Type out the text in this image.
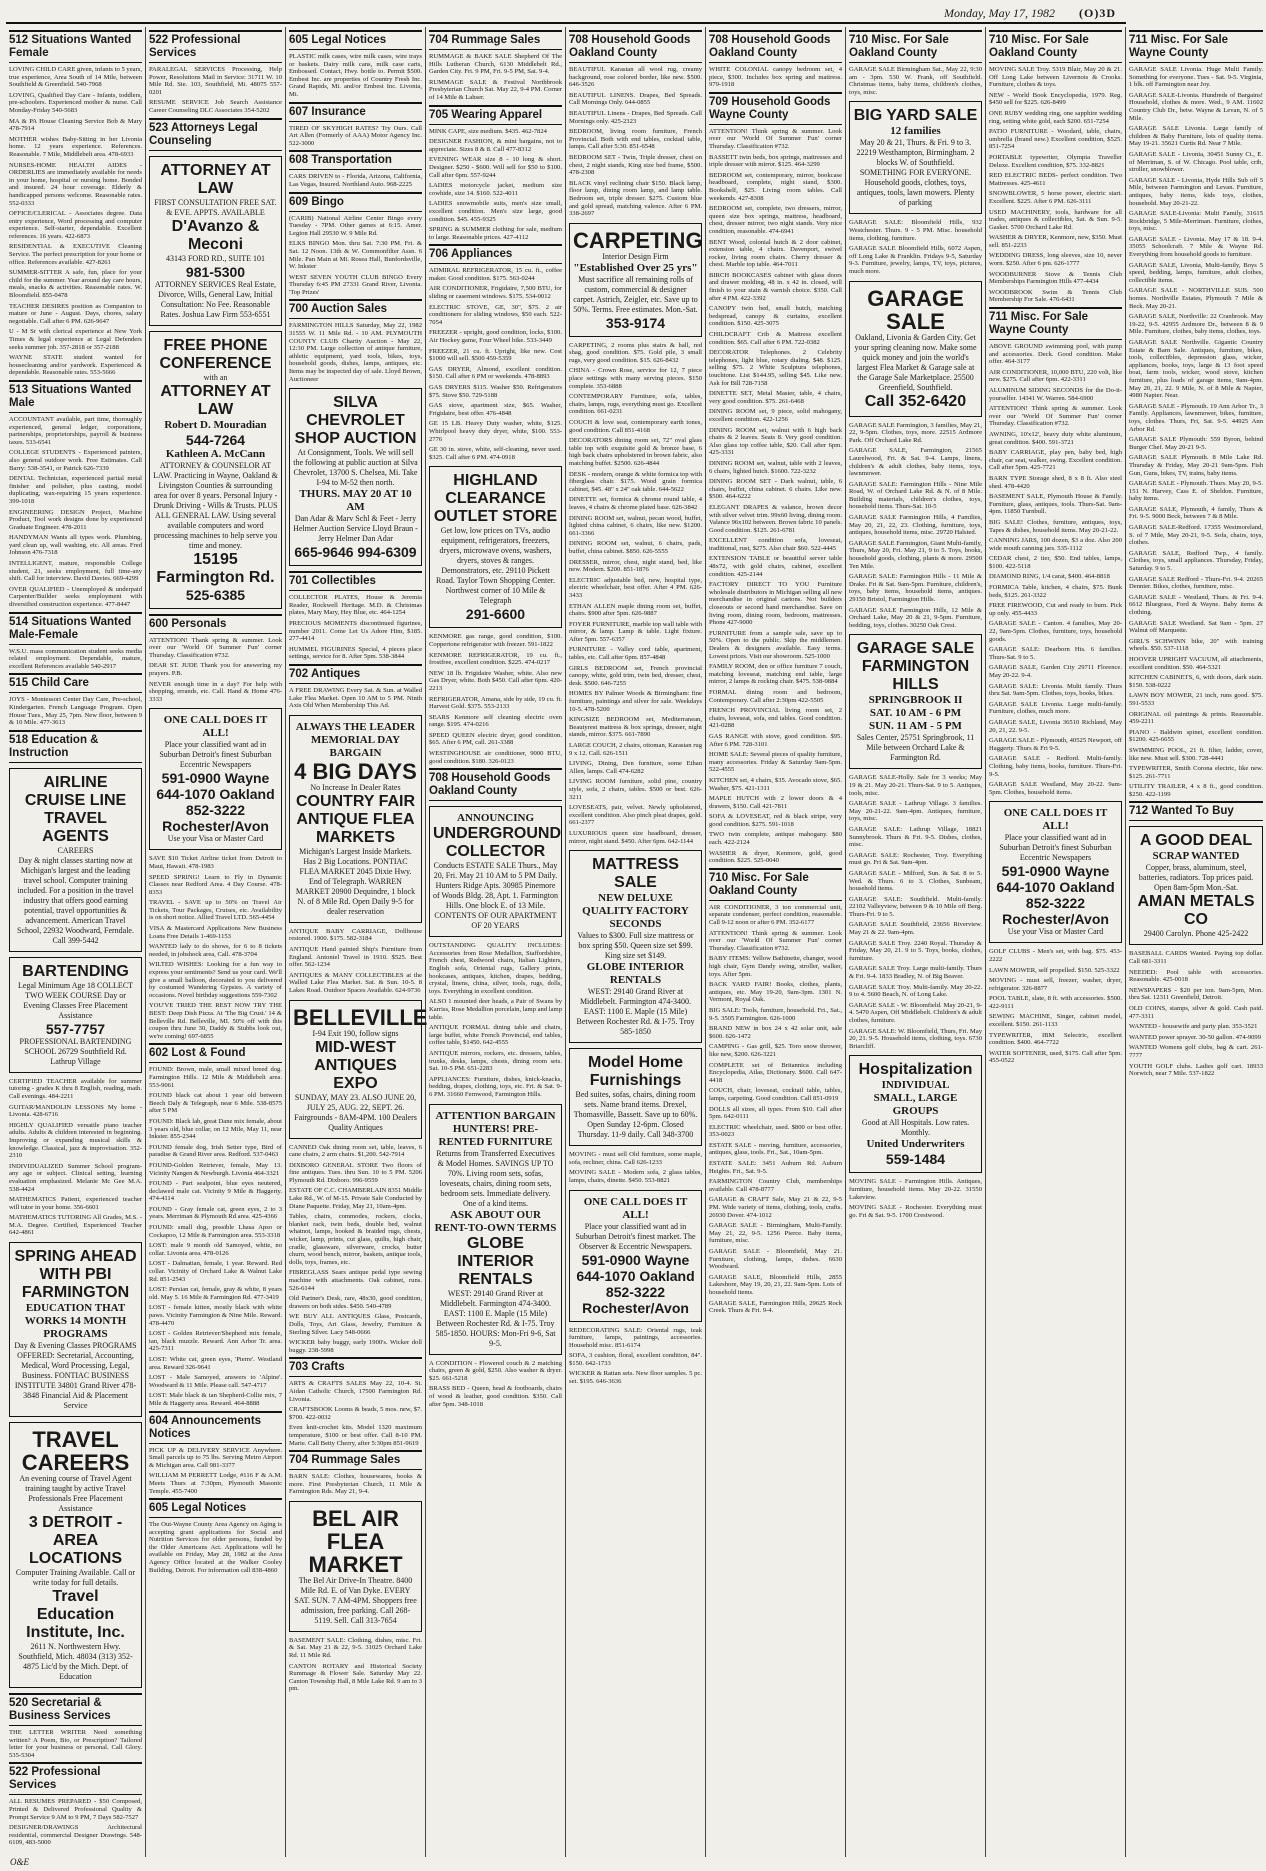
Monday, May 17, 1982 (O)3D
512 Situations Wanted Female

LOVING CHILD CARE given, infants to 5 years, true experience, Area South of 14 Mile, between Southfield & Greenfield. 540-7968

LOVING, Qualified Day Care - Infants, toddlers, pre-schoolers. Experienced mother & nurse. Call Monday-Friday 540-5683

MA & PA House Cleaning Service Bob & Mary 478-7914

MOTHER wishes Baby-Sitting in her Livonia home. 12 years experience. References. Reasonable. 7 Mile, Middlebelt area. 478-6933

NURSES-HOME HEALTH AIDES - ORDERLIES are immediately available for needs in your home, hospital or nursing home. Bonded and insured. 24 hour coverage. Elderly & handicapped persons welcome. Reasonable rates. 552-0333

OFFICE/CLERICAL - Associates degree. Data entry experience, Word processing and computer experience. Self-starter, dependable. Excellent references. 16 years. 422-6873

RESIDENTIAL & EXECUTIVE Cleaning Service. The perfect prescription for your home or office. References available. 427-8261

SUMMER-SITTER A safe, fun, place for your child for the summer. Year around day care hours, meals, snacks & activities. Reasonable rates. W. Bloomfield. 855-0478

TEACHER DESIRES position as Companion to mature or June - August. Days, chores, salary negotiable. Call after 6 PM. 626-9647

U - M Sr with clerical experience at New York Times & legal experience at Legal Defenders seeks summer job. 357-2818 or 357-2188

WAYNE STATE student wanted for housecleaning and/or yardwork. Experienced & dependable. Reasonable rates. 553-5666

513 Situations Wanted Male

ACCOUNTANT available, part time, thoroughly experienced, general ledger, corporations, partnerships, proprietorships, payroll & business taxes. 533-6541

COLLEGE STUDENTS - Experienced painters, also general outdoor work. Free Estimates. Call Barry: 538-3541, or Patrick 626-7339

DENTAL Technician, experienced partial metal finisher and polisher, plus casting, model duplicating, wax-repairing 15 years experience. 399-1018

ENGINEERING DESIGN Project, Machine Product, Tool work designs done by experienced Graduate Engineer. 478-2011

HANDYMAN Wants all types work. Plumbing, yard clean up, wall washing, etc. All areas. Fred Johnson 476-7318

INTELLIGENT, mature, responsible College student, 21, seeks employment, full time-any shift. Call for interview. David Davies. 669-4299

OVER QUALIFIED - Unemployed & underpaid Carpenter/Builder seeks employment with diversified construction experience. 477-8447

514 Situations Wanted Male-Female

W.S.U. mass communication student seeks media related employment. Dependable, mature, excellent References available 540-2917

515 Child Care

JOYS - Montessori Center Day Care, Pre-school, Kindergarten. French Language Program. Open House Tues., May 25, 7pm. New floor, between 9 & 10 Mile. 477-3613

518 Education & Instruction
AIRLINE CRUISE LINE TRAVEL AGENTS
CAREERS
Day & night classes starting now at Michigan's largest and the leading travel school. Computer training included. For a position in the travel industry that offers good earning potential, travel opportunities & advancement. American Travel School, 22932 Woodward, Ferndale. Call 399-5442
BARTENDING
Legal Minimum Age 18 COLLECT TWO WEEK COURSE Day or Evening Classes Free Placement Assistance
557-7757
PROFESSIONAL BARTENDING SCHOOL 26729 Southfield Rd. Lathrup Village

CERTIFIED TEACHER available for summer tutoring - grades K thru 8 English, reading, math. Call evenings. 484-2211

GUITAR/MANDOLIN LESSONS My home - Livonia. 428-6716

HIGHLY QUALIFIED versatile piano teacher adults. Adults & children interested in beginning. Improving or expanding musical skills & knowledge. Classical, jazz & improvisation. 352-2310

INDIVIDUALIZED Summer School program-any age or subject. Clinical setting, learning evaluation emphasized. Melanie Mc Gee M.A. 538-4424

MATHEMATICS Patient, experienced teacher will tutor in your home. 356-6601

MATHEMATICS TUTORING All Grades, M.S. - M.A. Degree. Certified, Experienced Teacher 642-4861

SPRING AHEAD WITH PBI FARMINGTON
EDUCATION THAT WORKS 14 MONTH PROGRAMS
Day & Evening Classes PROGRAMS OFFERED: Secretarial, Accounting, Medical, Word Processing, Legal, Business. FONTIAC BUSINESS INSTITUTE 34801 Grand River 478-3848 Financial Aid & Placement Service
TRAVEL CAREERS
An evening course of Travel Agent training taught by active Travel Professionals Free Placement Assistance
3 DETROIT - AREA LOCATIONS
Computer Training Available. Call or write today for full details.
Travel Education Institute, Inc.
2611 N. Northwestern Hwy. Southfield, Mich. 48034 (313) 352-4875 Lic'd by the Mich. Dept. of Education
520 Secretarial & Business Services

THE LETTER WRITER Need something written? A Poem, Bio, or Prescription? Tailored letter for your business or personal. Call Glory. 535-5304

522 Professional Services

ALL RESUMES PREPARED - $50 Composed, Printed & Delivered Professional Quality & Prompt Service 9 AM to 9 PM, 7 Days 582-7527

DESIGNER/DRAWINGS Architectural residential, commercial Designer Drawings. 548-6109, 483-5000

522 Professional Services

PARALEGAL SERVICES Processing, Help Power, Resolutions Mail in Service: 31711 W. 10 Mile Rd. Ste. 103, Southfield, Mi. 48075 557-0201

RESUME SERVICE Job Search Assistance Career Counseling DLC Associates 354-5202

523 Attorneys Legal Counseling
ATTORNEY AT LAW
FIRST CONSULTATION FREE SAT. & EVE. APPTS. AVAILABLE
D'Avanzo & Meconi
43143 FORD RD., SUITE 101
981-5300
ATTORNEY SERVICES Real Estate, Divorce, Wills, General Law, Initial Consultation: No Fee. Reasonable Rates. Joshua Law Firm 553-6551
FREE PHONE CONFERENCE
with an
ATTORNEY AT LAW
Robert D. Mouradian
544-7264
Kathleen A. McCann
ATTORNEY & COUNSELOR AT LAW. Practicing in Wayne, Oakland & Livingston Counties & surrounding area for over 8 years. Personal Injury - Drunk Driving - Wills & Trusts. PLUS ALL GENERAL LAW. Using several available computers and word processing machines to help serve you time and money.
15195 Farmington Rd.
525-6385
600 Personals

ATTENTION! Thank spring & summer. Look over our 'World Of Summer Fun' corner Thursday. Classification #732.

DEAR ST. JUDE Thank you for answering my prayers. P.B.

NEVER enough time in a day? For help with shopping, errands, etc. Call. Hand & Home 476-3333

ONE CALL DOES IT ALL!
Place your classified want ad in Suburban Detroit's finest Suburban Eccentric Newspapers
591-0900 Wayne
644-1070 Oakland
852-3222 Rochester/Avon
Use your Visa or Master Card

SAVE $10 Ticket Airline ticket from Detroit to Maui, Hawaii. 478-1983

SPEED SPRING! Learn to Fly in Dynamic Classes near Redford Area. 4 Day Course. 478-8353

TRAVEL - SAVE up to 50% on Travel Air Tickets, Tour Packages, Cruises, etc. Availability is on short notice. Allied Travel LTD. 565-4454

VISA & Mastercard Applications New Business Loans Free Details 1-469-1153

WANTED lady to do shows, for 6 to 8 tickets needed, in jobshock area, Call. 478-3704

WILTED WISHES: Looking for a fun way to express your sentiments? Send us your card. We'll give a small balloon, decorated to you delivered by costumed Wandering Gypsies. A variety of occasions. Novel birthday suggestions 559-7302

YOU'VE TRIED THE REST NOW TRY THE BEST: Deep Dish Pizza. At 'The Big Crust.' 14 & Belleville Rd. Belleville, MI. 50% off with this coupon thru June 30, Daddy & Stubbs look out, we're coming! 697-6855

602 Lost & Found

FOUND: Brown, male, small mixed breed dog. Farmington Hills. 12 Mile & Middlebelt area. 553-9061

FOUND black cat about 1 year old between Beech Daly & Telegraph, near 6 Mile. 538-8575 after 5 PM

FOUND: Black lab, great Dane mix female, about 3 years old, blue collar, on 12 Mile, May 11, near Inkster. 855-2344

FOUND female dog, Irish Setter type, Bird of paradise & Grand River area. Redford. 537-0463

FOUND-Golden Retriever, female, May 13. Vicinity Nangen & Newburgh. Livonia 464-3321

FOUND - Part sealpoint, blue eyes neutered, declawed male cat. Vicinity 9 Mile & Haggerty. 474-4114

FOUND - Gray female cat, green eyes, 2 to 3 years. Merriman & Plymouth Rd area. 425-4366

FOUND: small dog, possible Lhasa Apso or Cockapoo, 12 Mile & Farmington area. 553-3318

LOST: male 9 month old Samoyed, white, no collar. Livonia area. 478-0126

LOST - Dalmatian, female, 1 year. Reward. Red collar. Vicinity of Orchard Lake & Walnut Lake Rd. 851-2543

LOST: Persian cat, female, gray & white, 8 years old. May 5. 16 Mile & Farmington Rd. 477-3419

LOST - female kitten, mostly black with white paws. Vicinity Farmington & Nine Mile. Reward. 478-4470

LOST - Golden Retriever/Shepherd mix female, tan, black muzzle. Reward. Ann Arbor Tr. area. 425-7311

LOST: White cat, green eyes, 'Pierre'. Westland area. Reward 326-9641

LOST - Male Samoyed, answers to 'Alpine'. Woodward & 11 Mile. Please call. 547-4717

LOST: Male black & tan Shepherd-Collie mix, 7 Mile & Haggerty area. Reward. 464-8888

604 Announcements Notices

PICK UP & DELIVERY SERVICE Anywhere. Small parcels up to 75 lbs. Serving Metro Airport & Michigan area. Call 981-3377

WILLIAM M PERRETT Lodge, #116 F & A.M. Meets Thurs at 7:30pm, Plymouth Masonic Temple. 455-7400

605 Legal Notices

The Out-Wayne County Area Agency on Aging is accepting grant applications for Social and Nutrition Services for older persons, funded by the Older Americans Act. Applications will be available on Friday, May 28, 1982 at the Area Agency Office located at the Walker Cooley Building, Detroit. For information call 838-4860

605 Legal Notices

PLASTIC milk cases, wire milk cases, wire trays or baskets. Dairy milk cans, milk case carts, Embossed. Contact, Hwy. bottle to. Permit $500. Embest Inc. are properties of Country Fresh Inc. Grand Rapids, Mi. and/or Embest Inc. Livonia, Mi.

607 Insurance

TIRED OF SKYHIGH RATES? Try Ours. Call Art Allen (Formerly of AAA) Motor Agency Inc. 522-3000

608 Transportation

CARS DRIVEN to - Florida, Arizona, California, Las Vegas, Insured. Northland Auto. 968-2225

609 Bingo

(CARIB) National Airline Center Bingo every Tuesday - 7PM. Other games at 6:15. Amer. Legion Hall 29530 W. 9 Mile Rd.

ELKS BINGO Mon. thru Sat. 7:30 PM. Fri. & Sat. 12 Noon. 13th & W. Commonfilter Assn. 6 Mile. Pan Main at Mi. Rosea Hall, Bunfordsville, W. Inkster

WEST SEVEN YOUTH CLUB BINGO Every Thursday 6:45 PM 27331 Grand River, Livonia. 'Top Prizes'

700 Auction Sales

FARMINGTON HILLS Saturday, May 22, 1982 31555 W. 11 Mile Rd. - 10 AM. PLYMOUTH COUNTY CLUB Charity Auction - May 22, 12:30 PM. Large collection of antique furniture, athletic equipment, yard tools, bikes, toys, household goods, dishes, lamps, antiques, etc. Items may be inspected day of sale. Lloyd Brown, Auctioneer

SILVA CHEVROLET SHOP AUCTION
At Consignment, Tools. We will sell the following at public auction at Silva Chevrolet, 13700 S. Chelsea, Mi. Take I-94 to M-52 then north.
THURS. MAY 20 AT 10 AM
Dan Adar & Marv Schl & Feet - Jerry Helmer Auction Service Lloyd Braun - Jerry Helmer Dan Adar
665-9646 994-6309
701 Collectibles

COLLECTOR PLATES, House & Jeremia Reader, Rockwell Heritage. M.D. & Christmas plates, Mary Mary, Hey Blue, etc. 464-1254

PRECIOUS MOMENTS discontinued figurines, number 2011. Come Let Us Adore Him, $185. 277-4414

HUMMEL FIGURINES Special, 4 pieces place settings, service for 8. After 5pm. 538-3844

702 Antiques

A FREE DRAWING Every Sat. & Sun. at Walled Lake Flea Market. Open 10 AM to 5 PM. Ninth Axis Old When Membership This Ad.

ALWAYS THE LEADER MEMORIAL DAY BARGAIN
4 BIG DAYS
No Increase In Dealer Rates
COUNTRY FAIR ANTIQUE FLEA MARKETS
Michigan's Largest Inside Markets. Has 2 Big Locations. PONTIAC FLEA MARKET 2045 Dixie Hwy. End of Telegraph. WARREN MARKET 20900 Dequindre, 1 block N. of 8 Mile Rd. Open Daily 9-5 for dealer reservation

ANTIQUE BABY CARRIAGE, Dollhouse restored. 1900. $175. 582-3184

ANTIQUE Hand painted Ship's Furniture from England. Antoniel Travel in 1910. $525. Best offer. 562-1234

ANTIQUES & MANY COLLECTIBLES at the Walled Lake Flea Market. Sat. & Sun. 10-5. 8 Lakes Road. Outdoor Spaces Available. 624-9736

BELLEVILLE
I-94 Exit 190, follow signs
MID-WEST ANTIQUES EXPO
SUNDAY, MAY 23. ALSO JUNE 20, JULY 25, AUG. 22, SEPT. 26. Fairgrounds - 8AM-4PM. 100 Dealers Quality Antiques

CANNED Oak dining room set, table, leaves, 6 cane chairs, 2 arm chairs. $1,200. 542-7914

DIXBORO GENERAL STORE Two floors of fine antiques. Tues. thru Sun. 10 to 5 PM. 5206 Plymouth Rd. Dixboro. 996-9559

ESTATE OF C.C. CHAMBERLAIN 8351 Middle Lake Rd., W. of M-15. Private Sale Conducted by Diane Paquette. Friday, May 21, 10am-4pm.

Tables, chairs, commodes, rockers, clocks, blanket rack, twin beds, double bed, walnut whatnot, lamps, hooked & braided rugs, chests, wicker, lamp, prints, cut glass, quilts, high chair, cradle, glassware, silverware, crocks, butter churn, wood bench, mirror, baskets, antique tools, dolls, toys, frames, etc.

FIBREGLASS Sears antique pedal type sewing machine with attachments. Oak cabinet, runs. 526-6144

Old Partner's Desk, rare, 48x30, good condition, drawers on both sides. $450. 540-4789

WE BUY ALL ANTIQUES Glass, Postcards, Dolls, Toys, Art Glass, Jewelry, Furniture & Sterling Silver. Lacy 548-0666

WICKER baby buggy, early 1900's. Wicker doll buggy. 238-5998

703 Crafts

ARTS & CRAFTS SALES May 22, 10-4. St. Aidan Catholic Church, 17500 Farmington Rd. Livonia.

CRAFTSBOOK Looms & beads, 5 mos. new, $7. $700. 422-0032

Even knit-crochet kits. Model 1320 maximum temperature, $100 or best offer. Call 8-10 PM. Marie. Call Betty Cherry, after 5:30pm 851-9619

704 Rummage Sales

BARN SALE: Clothes, housewares, books & more. First Presbyterian Church, 11 Mile & Farmington Rds. May 21, 9-4.

BEL AIR FLEA MARKET
The Bel Air Drive-In Theatre. 8400 Mile Rd. E. of Van Dyke. EVERY SAT. SUN. 7 AM-4PM. Shoppers free admission, free parking. Call 268-5119. Sell. Call 313-7654

BASEMENT SALE: Clothing, dishes, misc. Fri. & Sat. May 21 & 22, 9-5. 31025 Orchard Lake Rd. 11 Mile Rd.

CANTON ROTARY and Historical Society Rummage & Flower Sale. Saturday May 22. Canton Township Hall, 8 Mile Lake Rd. 9 am to 3 pm.

704 Rummage Sales

RUMMAGE & BAKE SALE Shepherd Of The Hills Lutheran Church, 6130 Middlebelt Rd., Garden City. Fri. 9 PM, Fri. 9-5 PM, Sat. 9-4.

RUMMAGE SALE & Festival Northbrook Presbyterian Church Sat. May 22, 9-4 PM. Corner of 14 Mile & Lahser.

705 Wearing Apparel

MINK CAPE, size medium. $435. 462-7824

DESIGNER FASHION, & mint bargains, not to appreciate. Sizes 8 & 8. Call 477-8312

EVENING WEAR size 8 - 10 long & short. Designer. $250 - $600. Will sell for $50 to $100. Call after 6pm. 557-9244

LADIES motorcycle jacket, medium size cowhide, size 14. $160. 522-4011

LADIES snowmobile suits, men's size small, excellent condition. Men's size large, good condition. $45. 455-9325

SPRING & SUMMER clothing for sale, medium to large. Reasonable prices. 427-4112

706 Appliances

ADMIRAL REFRIGERATOR, 15 cu. ft., coffee maker. Good condition. $175. 563-0244

AIR CONDITIONER, Frigidaire, 7,500 BTU, for sliding or casement windows. $175. 534-0012

ELECTRIC STOVE, GE, 30", $75. 2 air conditioners for sliding windows, $50 each. 522-7054

FREEZER - upright, good condition, locks, $100. Air Hockey game, Four Wheel bike. 533-3449

FREEZER, 21 cu. ft. Upright, like new. Cost $1000 will sell. $500 459-5359

GAS DRYER, Almond, excellent condition. $150. Call after 6 PM or weekends. 478-8893

GAS DRYERS $115. Washer $50. Refrigerators $75. Stove $50. 729-5188

GAS stove, apartment size, $65. Washer, Frigidaire, best offer. 476-4848

GE 15 LB. Heavy Duty washer, white, $125. Whirlpool heavy duty dryer, white, $100. 553-2776

GE 30 in. stove, white, self-cleaning, never used. $325. Call after 6 PM. 474-0918

HIGHLAND CLEARANCE OUTLET STORE
Get low, low prices on TVs, audio equipment, refrigerators, freezers, dryers, microwave ovens, washers, dryers, stoves & ranges. Demonstrators, etc. 29110 Pickett Road. Taylor Town Shopping Center. Northwest corner of 10 Mile & Telegraph
291-6600

KENMORE gas range, good condition, $100. Coppertone refrigerator with freezer. 591-1822

KENMORE REFRIGERATOR, 19 cu. ft., frostfree, excellent condition. $225. 474-0217

NEW 18 lb. Frigidaire Washer, white. Also new Gas Dryer, white. Both $450. Call after 6pm. 420-2213

REFRIGERATOR, Amana, side by side, 19 cu. ft. Harvest Gold. $375. 553-2133

SEARS Kenmore self cleaning electric oven range. $195. 474-0216

SPEED QUEEN electric dryer, good condition. $65. After 6 PM, call. 261-3388

WESTINGHOUSE air conditioner, 9000 BTU, good condition. $180. 326-0123

708 Household Goods Oakland County
ANNOUNCING
UNDERGROUND COLLECTOR
Conducts ESTATE SALE Thurs., May 20, Fri. May 21 10 AM to 5 PM Daily. Hunters Ridge Apts. 30985 Pinemore of Woods Bldg. 28, Apt. 1. Farmington Hills. One block E. of 13 Mile. CONTENTS OF OUR APARTMENT OF 20 YEARS

OUTSTANDING QUALITY INCLUDES: Accessories from Rose Medallion, Staffordshire, French chest, Redwood chairs, Italian Lighters, English sofa, Oriental rugs, Gallery prints, bookcases, antiques, kitchen, drapes, bedding, crystal, linens, china, silver, tools, rugs, dolls, toys. Everything in excellent condition.

ALSO 1 mounted deer heads, a Pair of Swans by Karriss, Rose Medallion porcelain, lamp and lamp table.

ANTIQUE FORMAL dining table and chairs, large buffet, white French Provincial, end tables, coffee table, $1450. 642-4555

ANTIQUE mirrors, rockers, etc. dressers, tables, trunks, desks, lamps, chests, dining room sets. Sat. 10-5 PM. 651-2283

APPLIANCES: Furniture, dishes, knick-knacks, bedding, drapes, clothing, toys, etc. Fri. & Sat. 9-6 PM. 31660 Fernwood, Farmington Hills.

ATTENTION BARGAIN HUNTERS! PRE-RENTED FURNITURE
Returns from Transferred Executives & Model Homes. SAVINGS UP TO 70%. Living room sets, sofas, loveseats, chairs, dining room sets, bedroom sets. Immediate delivery. One of a kind items.
ASK ABOUT OUR RENT-TO-OWN TERMS
GLOBE INTERIOR RENTALS
WEST: 29140 Grand River at Middlebelt. Farmington 474-3400. EAST: 1100 E. Maple (15 Mile) Between Rochester Rd. & I-75. Troy 585-1850. HOURS: Mon-Fri 9-6, Sat 9-5.

A CONDITION - Flowered couch & 2 matching chairs, green & gold, $250. Also washer & dryer. $25. 661-5218

BRASS BED - Queen, head & footboards, chairs of wood & leather, good condition. $350. Call after 5pm. 348-1018

708 Household Goods Oakland County

BEAUTIFUL Karastan all wool rug, creamy background, rose colored border, like new. $500. 646-3526

BEAUTIFUL LINENS. Drapes, Bed Spreads. Call Mornings Only. 644-0855

BEAUTIFUL Linens - Drapes, Bed Spreads. Call Mornings only. 425-2323

BEDROOM, living room furniture, French Provincial. Both with end tables, cocktail table, lamps. Call after 5:30. 851-6548

BEDROOM SET - Twin, Triple dresser, chest on chest, 2 night stands, King size bed frame, $500. 478-2308

BLACK vinyl reclining chair $150. Black lamp, floor lamp, dining room lamp, and lamp table. Bedroom set, triple dresser. $275. Custom blue and gold spread, matching valence. After 6 PM. 338-2697

CARPETING
Interior Design Firm
"Established Over 25 yrs"
Must sacrifice all remaining rolls of custom, commercial & designer carpet. Astrich, Zeigler, etc. Save up to 50%. Terms. Free estimates. Mon.-Sat.
353-9174

CARPETING, 2 rooms plus stairs & hall, red shag, good condition. $75. Gold pile, 3 small rugs, very good condition. $15. 626-8432

CHINA - Crown Rose, service for 12, 7 piece place settings with many serving pieces. $150 complete. 353-6888

CONTEMPORARY Furniture, sofa, tables, chairs, lamps, rugs, everything must go. Excellent condition. 661-0231

COUCH & love seat, contemporary earth tones, good condition. Call 851-4168

DECORATORS dining room set, 72" oval glass table top with exquisite gold & bronze base, 6 high back chairs upholstered in brown fabric, also matching buffet. $2500. 626-4844

DESK - modern, orange & white formica top with fiberglass chair. $175. Wood grain formica cabinet, $45. 48" x 24" oak table. 644-5622

DINETTE set, formica & chrome round table, 4 leaves, 4 chairs & chrome plated base. 626-3842

DINING ROOM set, walnut, pecan wood, buffet, lighted china cabinet, 6 chairs, like new. $1200. 661-3366

DINING ROOM set, walnut, 6 chairs, pads, buffet, china cabinet. $850. 626-5555

DRESSER, mirror, chest, night stand, bed, like new. Modern. $200. 851-1876

ELECTRIC adjustable bed, new, hospital type, electric wheelchair, best offer. After 4 PM. 626-3433

ETHAN ALLEN maple dining room set, buffet, chairs. $900 after 5pm. 626-9887

FOYER FURNITURE, marble top wall table with mirror, & lamp. Lamp & table. Light fixture. After 5pm. 557-6357

FURNITURE - Valley cord table, apartment, tables, etc. Call after 6pm. 857-4848

GIRLS BEDROOM set, French provincial canopy, white, gold trim, twin bed, dresser, chest, desk. $500. 646-7255

HOMES BY Palmer Woods & Birmingham: fine furniture, paintings and silver for sale. Weekdays 10-5. 478-5200

KINGSIZE BEDROOM set, Mediterranean, Beautyrest mattress & box springs, dresser, night stands, mirror. $375. 661-7890

LARGE COUCH, 2 chairs, ottoman, Karastan rug 9 x 12. Call. 626-1511

LIVING, Dining, Den furniture, some Ethan Allen, lamps. Call 474-6282

LIVING ROOM furniture, solid pine, country style, sofa, 2 chairs, tables. $500 or best. 626-3211

LOVESEATS, pair, velvet. Newly upholstered, excellent condition. Also pinch pleat drapes, gold. 661-2377

LUXURIOUS queen size headboard, dresser, mirror, night stand. $450. After 6pm. 642-1144

MATTRESS SALE
NEW DELUXE QUALITY FACTORY SECONDS
Values to $300. Full size mattress or box spring $50. Queen size set $99. King size set $149.
GLOBE INTERIOR RENTALS
WEST: 29140 Grand River at Middlebelt. Farmington 474-3400. EAST: 1100 E. Maple (15 Mile) Between Rochester Rd. & I-75. Troy 585-1850
Model Home Furnishings
Bed suites, sofas, chairs, dining room sets. Name brand items. Drexel, Thomasville, Bassett. Save up to 60%. Open Sunday 12-6pm. Closed Thursday. 11-9 daily. Call 348-3700

MOVING - must sell Old furniture, some maple, sofa, recliner, china. Call 626-1233

MOVING SALE - Modern sofa, 2 glass tables, lamps, chairs, dinette. $450. 553-8821

ONE CALL DOES IT ALL!
Place your classified want ad in Suburban Detroit's finest market. The Observer & Eccentric Newspapers.
591-0900 Wayne
644-1070 Oakland
852-3222 Rochester/Avon

REDECORATING SALE: Oriental rugs, teak furniture, lamps, paintings, accessories. Household misc. 851-6174

SOFA, 3 cushion, floral, excellent condition, 84". $150. 642-1733

WICKER & Rattan sets. New floor samples. 5 pc. set. $195. 646-3636

708 Household Goods Oakland County

WHITE COLONIAL canopy bedroom set, 4 piece, $300. Includes box spring and mattress. 979-1918

709 Household Goods Wayne County

ATTENTION! Think spring & summer. Look over our 'World Of Summer Fun' corner Thursday. Classification #732.

BASSETT twin beds, box springs, mattresses and triple dresser with mirror. $125. 464-3299

BEDROOM set, contemporary, mirror, bookcase headboard, complete, night stand, $300. Bookshelf, $25. Living room tables. Call weekends. 427-8308

BEDROOM set, complete, two dressers, mirror, queen size box springs, mattress, headboard, chest, dresser mirror, two night stands. Very nice condition, reasonable. 474-6941

BENT Wood, colonial hutch & 2 door cabinet, extension table, 4 chairs. Davenport, swivel rocker, living room chairs. Cherry dresser & chest. Marble top table. 464-7011

BIRCH BOOKCASES cabinet with glass doors and drawer molding, 48 in. x 42 in. closed, will finish to your stain & varnish choice. $350. Call after 4 PM. 422-3392

CANOPY twin bed, small hutch, matching bedspread, canopy & curtains, excellent condition. $150. 425-3075

CHILDCRAFT Crib & Mattress excellent condition. $65. Call after 6 PM. 722-0382

DECORATOR Telephones. 2 Celebrity telephones, light blue, rotary dialing. $48. $125. selling $75. 2 White Sculptura telephones, touchtone. List $144.95, selling $45. Like new. Ask for Bill 728-7158

DINETTE SET, Metal Master, table, 4 chairs, very good condition. $75. 261-6468

DINING ROOM set, 9 piece, solid mahogany, excellent condition. 422-1256

DINING ROOM set, walnut with 6 high back chairs & 2 leaves. Seats 8. Very good condition. Also glass top coffee table, $20. Call after 6pm. 425-3331

DINING ROOM set, walnut, table with 2 leaves, 6 chairs, lighted hutch. $1600. 722-3232

DINING ROOM SET - Dark walnut, table, 6 chairs, buffet, china cabinet. 6 chairs. Like new. $500. 464-6222

ELEGANT DRAPES & valance, brown decor with silver velvet trim. 99x60 living, dining room. Valance 96x102 between. Brown fabric 10 panels. Good condition. $125. 261-6781

EXCELLENT condition sofa, loveseat, traditional, rust, $275. Also chair $60. 522-4445

EXTENSION TABLE or beautiful server table 48x72, with gold chairs, cabinet, excellent condition. 425-2144

FACTORY DIRECT TO YOU Furniture wholesale distributors in Michigan selling all new merchandise in original cartons. Not builders closeouts or second hand merchandise. Save on living room, dining room, bedroom, mattresses. Phone 427-9000

FURNITURE from a sample sale, save up to 50%. Open to the public. Skip the middlemen. Dealers & designers available. Easy terms. Lowest prices. Visit our showroom. 525-1000

FAMILY ROOM, den or office furniture 7 couch, matching loveseat, matching end table, large mirror, 2 lamps & rocking chair. $475. 538-0884

FORMAL dining room and bedroom, Contemporary. Call after 2:30pm 422-5505

FRENCH PROVINCIAL living room set, 2 chairs, loveseat, sofa, end tables. Good condition. 421-0288

GAS RANGE with stove, good condition. $95. After 6 PM. 728-3101

HOME SALE: Several pieces of quality furniture, many accessories. Friday & Saturday 9am-5pm. 522-4555

KITCHEN set, 4 chairs, $35. Avocado stove, $65. Washer, $75. 421-1311

MAPLE HUTCH with 2 lower doors & 4 drawers, $150. Call 421-7811

SOFA & LOVESEAT, red & black stripe, very good condition. $275. 591-1018

TWO twin complete, antique mahogany. $80 each. 422-2124

WASHER & dryer, Kenmore, gold, good condition. $225. 525-0040

710 Misc. For Sale Oakland County

AIR CONDITIONER, 3 ton commercial unit, separate condenser, perfect condition, reasonable. Call 9-12 noon or after 6 PM. 352-6177

ATTENTION! Think spring & summer. Look over our 'World Of Summer Fun' corner Thursday. Classification #732.

BABY ITEMS: Yellow Bathinette, changer, wood high chair, Gym Dandy swing, stroller, walker, toys. After 5pm.

BACK YARD FAIR! Books, clothes, plants, antiques, etc. May 19-20, 9am-3pm. 1301 N. Vermont, Royal Oak.

BIG SALE: Tools, furniture, household. Fri., Sat., 9-5. 3505 Farmington. 626-1000

BRAND NEW in box 24 x 42 solar unit, sale $600. 626-1472

CAMPING - Gas grill, $25. Toro snow thrower, like new, $200. 626-3221

COMPLETE set of Britannica including Encyclopedia, Atlas, Dictionary. $600. Call 647-4418

COUCH, chair, loveseat, cocktail table, tables, lamps, carpeting. Good condition. Call 851-0919

DOLLS all sizes, all types. From $10. Call after 5pm. 642-0111

ELECTRIC wheelchair, used. $800 or best offer. 353-0023

ESTATE SALE - moving, furniture, accessories, antiques, glass, tools. Fri., Sat., 10am-5pm.

ESTATE SALE: 3451 Auburn Rd. Auburn Heights. Fri., Sat. 9-5.

FARMINGTON Country Club, memberships available. Call 478-8777

GARAGE & CRAFT Sale, May 21 & 22, 9-5 PM. Wide variety of items, clothing, tools, crafts. 26930 Dover. 474-1012

GARAGE SALE - Birmingham, Multi-Family. May 21, 22, 9-5. 1256 Pierce. Baby items, furniture, misc.

GARAGE SALE - Bloomfield, May 21. Furniture, clothing, lamps, dishes. 6630 Woodward.

GARAGE SALE, Bloomfield Hills, 2855 Lakeshore, May 19, 20, 21, 22. 9am-5pm. Lots of household items.

GARAGE SALE, Farmington Hills, 29625 Rock Creek. Thurs & Fri. 9-4.

710 Misc. For Sale Oakland County

GARAGE SALE Birmingham Sat., May 22, 9:30 am - 3pm. 530 W. Frank, off Southfield. Christmas items, baby items, children's clothes, toys, misc.

BIG YARD SALE
12 families
May 20 & 21, Thurs. & Fri. 9 to 3. 22219 Westhampton, Birmingham. 2 blocks W. of Southfield. SOMETHING FOR EVERYONE. Household goods, clothes, toys, antiques, tools, lawn mowers. Plenty of parking

GARAGE SALE: Bloomfield Hills, 932 Westchester. Thurs. 9 - 5 PM. Misc. household items, clothing, furniture.

GARAGE SALE Bloomfield Hills, 6072 Aspen, off Long Lake & Franklin. Fridays 9-5, Saturday 9-3. Furniture, jewelry, lamps, TV, toys, pictures, much more.

GARAGE SALE
Oakland, Livonia & Garden City. Get your spring cleaning now. Make some quick money and join the world's largest Flea Market & Garage sale at the Garage Sale Marketplace. 25500 Greenfield, Southfield.
Call 352-6420

GARAGE SALE Farmington, 3 families, May 21, 22, 9-5pm. Clothes, toys, more. 22515 Ardmore Park. Off Orchard Lake Rd.

GARAGE SALE, Farmington, 21565 Laurelwood, Fri. & Sat. 9-4. Lamps, linens, children's & adult clothes, baby items, toys, lawnmower.

GARAGE SALE: Farmington Hills - Nine Mile Road, W. of Orchard Lake Rd. & N. of 8 Mile. Building materials, children's clothes, toys, household items. Thurs-Sat. 10-5

GARAGE SALE Farmington Hills, 4 Families, May 20, 21, 22, 23. Clothing, furniture, toys, antiques, household items, misc. 29720 Halsted.

GARAGE SALE Farmington, Giant Multi-family, Thurs, May 20, Fri. May 21, 9 to 5. Toys, books, household goods, clothing, plants & more. 29500 Ten Mile.

GARAGE SALE: Farmington Hills - 11 Mile & Drake. Fri & Sat. 9am-5pm. Furniture, children's, toys, baby items, household items, antiques. 29150 Bristol, Farmington Hills.

GARAGE SALE Farmington Hills, 12 Mile & Orchard Lake, May 20 & 21, 9-5pm. Furniture, bedding, toys, clothes. 30250 Oak Crest.

GARAGE SALE
FARMINGTON HILLS
SPRINGBROOK II
SAT. 10 AM - 6 PM
SUN. 11 AM - 5 PM
Sales Center, 25751 Springbrook, 11 Mile between Orchard Lake & Farmington Rd.

GARAGE SALE-Holly. Sale for 3 weeks; May 19 & 21. May 20-21. Thurs-Sat. 9 to 5. Antiques, tools, misc.

GARAGE SALE - Lathrup Village. 3 families. May 20-21-22. 9am-4pm. Antiques, furniture, toys, misc.

GARAGE SALE: Lathrup Village, 18821 Sunnybrook. Thurs & Fri. 9-5. Dishes, clothes, misc.

GARAGE SALE: Rochester, Troy. Everything must go. Fri & Sat. 9am-4pm.

GARAGE SALE - Milford, Sun. & Sat. 8 to 5. Wed. & Thurs. 6 to 3. Clothes, Sunbeam, household items.

GARAGE SALE: Southfield. Multi-family. 22102 Valleyview, between 9 & 10 Mile off Berg. Thurs-Fri. 9 to 5.

GARAGE SALE Southfield, 23656 Riverview. May 21 & 22. 9am-4pm.

GARAGE SALE Troy. 2240 Royal. Thursday & Friday, May 20, 21. 9 to 5. Toys, books, clothes, furniture.

GARAGE SALE Troy. Large multi-family. Thurs & Fri. 9-4. 1833 Bradley, N. of Big Beaver.

GARAGE SALE Troy. Multi-family. May 20-22. 9 to 4. 5600 Beach, N. of Long Lake.

GARAGE SALE - W. Bloomfield. May 20-21, 9-4. 5470 Aspen, Off Middlebelt. Children's & adult clothes, furniture.

GARAGE SALE: W. Bloomfield, Thurs, Fri. May 20, 21. 9-5. Household items, clothing, toys. 6730 Briarcliff.

Hospitalization
INDIVIDUAL
SMALL, LARGE GROUPS
Good at All Hospitals. Low rates. Monthly.
United Underwriters
559-1484

MOVING SALE - Farmington Hills. Antiques, furniture, household items. May 20-22. 31550 Lakeview.

MOVING SALE - Rochester. Everything must go. Fri & Sat. 9-5. 1700 Crestwood.

710 Misc. For Sale Oakland County

MOVING SALE Troy. 5319 Blair, May 20 & 21. Off Long Lake between Livernois & Crooks. Furniture, clothes & toys.

NEW - World Book Encyclopedia, 1979. Reg. $450 sell for $225. 626-8499

ONE RUBY wedding ring, one sapphire wedding ring, setting white gold, each $200. 651-7254

PATIO FURNITURE - Woodard, table, chairs, umbrella (brand new.) Excellent condition, $525. 851-7254

PORTABLE typewriter, Olympia Traveller Deluxe. Excellent condition, $75. 332-8821

RED ELECTRIC BEDS- perfect condition. Two Mattresses. 425-4611

SNOWBLOWER, 5 horse power, electric start. Excellent. $225. After 6 PM. 626-3111

USED MACHINERY, tools, hardware for all trades, antiques & collectibles, Sat. & Sun. 9-5. Gasket. 5700 Orchard Lake Rd.

WASHER & DRYER, Kenmore, new, $350. Must sell. 851-2233

WEDDING DRESS, long sleeves, size 10, never worn. $250. After 6 pm. 626-1777

WOODBURNER Stove & Tennis Club Memberships Farmington Hills 477-4434

WOODBROOK Swim & Tennis Club Membership For Sale. 476-6431

711 Misc. For Sale Wayne County

ABOVE GROUND swimming pool, with pump and accessories. Deck. Good condition. Make offer. 464-3177

AIR CONDITIONER, 10,000 BTU, 220 volt, like new. $275. Call after 6pm. 422-3311

ALUMINUM SIDING SECONDS for the Do-it-yourselfer. 14341 W. Warren. 584-6900

ATTENTION! Think spring & summer. Look over our 'World Of Summer Fun' corner Thursday. Classification #732.

AWNING, 10'x12', heavy duty white aluminum, great condition. $400. 591-3721

BABY CARRIAGE, play pen, baby bed, high chair, car seat, walker, swing. Excellent condition. Call after 5pm. 425-7721

BARN TYPE Storage shed, 8 x 8 ft. Also steel shed. 478-4420

BASEMENT SALE, Plymouth House & Family. Furniture, glass, antiques, tools. Thurs-Sat. 9am-4pm. 11850 Turnbull.

BIG SALE! Clothes, furniture, antiques, toys, Tapes & dishes, household items. May 20-21-22.

CANNING JARS, 100 dozen, $3 a doz. Also 200 wide mouth canning jars. 535-1112

CEDAR chest, 2 tier, $50. End tables, lamps, $100. 422-5118

DIAMOND RING, 1/4 carat, $400. 464-8818

FORMICA Table, kitchen, 4 chairs, $75. Bunk beds, $125. 261-3322

FREE FIREWOOD, Cut and ready to burn. Pick up only. 455-4433

GARAGE SALE - Canton. 4 families, May 20-22, 9am-5pm. Clothes, furniture, toys, household goods.

GARAGE SALE: Dearborn Hts. 6 families. Thurs-Sat. 9 to 5.

GARAGE SALE, Garden City 29711 Florence. May 20-22. 9-4.

GARAGE SALE: Livonia. Multi family. Thurs thru Sat. 9am-5pm. Clothes, toys, books, bikes.

GARAGE SALE Livonia. Large multi-family. Furniture, clothes, much more.

GARAGE SALE, Livonia 36510 Richland, May 20, 21, 22. 9-5.

GARAGE SALE - Plymouth, 40525 Newport, off Haggerty. Thurs & Fri 9-5.

GARAGE SALE - Redford. Multi-family. Clothing, baby items, books, furniture. Thurs-Fri. 9-5.

GARAGE SALE Westland, May 20-22. 9am-5pm. Clothes, household items.

ONE CALL DOES IT ALL!
Place your classified want ad in Suburban Detroit's finest Suburban Eccentric Newspapers
591-0900 Wayne
644-1070 Oakland
852-3222 Rochester/Avon
Use your Visa or Master Card

GOLF CLUBS - Men's set, with bag. $75. 453-2222

LAWN MOWER, self propelled. $150. 525-3322

MOVING - must sell, freezer, washer, dryer, refrigerator. 326-8877

POOL TABLE, slate, 8 ft. with accessories. $500. 422-9111

SEWING MACHINE, Singer, cabinet model, excellent. $150. 261-1133

TYPEWRITER, IBM Selectric, excellent condition. $400. 464-7722

WATER SOFTENER, used, $175. Call after 5pm. 455-0522

711 Misc. For Sale Wayne County

GARAGE SALE Livonia. Huge Multi Family. Something for everyone. Tues - Sat. 9-5. Virginia, 1 blk. off Farmington near Joy.

GARAGE SALE-Livonia. Hundreds of Bargains! Household, clothes & more. Wed., 9 AM. 11602 Country Club Dr., betw. Wayne & Levan, N. of 5 Mile.

GARAGE SALE Livonia. Large family of children & Baby Furniture, lots of quality items. May 19-21. 35621 Curtis Rd. Near 7 Mile.

GARAGE SALE - Livonia, 30451 Sunny Ct., E. of Merriman, S. of W. Chicago. Pool table, crib, stroller, snowblower.

GARAGE SALE - Livonia, Hyde Hills Sub off 5 Mile, between Farmington and Levan. Furniture, antiques, baby items, kids toys, clothes, household. May 20-21-22.

GARAGE SALE-Livonia: Multi Family, 31615 Rockbridge, 5 Mile-Merriman. Furniture, clothes, toys, misc.

GARAGE SALE - Livonia. May 17 & 18. 9-4. 35055 Schoolcraft. 7 Mile & Wayne Rd. Everything from household goods to furniture.

GARAGE SALE, Livonia, Multi-family, Boys 5 speed, bedding, lamps, furniture, adult clothes, collectible items.

GARAGE SALE - NORTHVILLE SUB. 500 homes. Northville Estates, Plymouth 7 Mile & Beck. May 20-21.

GARAGE SALE, Northville: 22 Cranbrook. May 19-22, 9-5. 42955 Ardmore Dr., between 8 & 9 Mile. Furniture, clothes, baby items, clothes, toys.

GARAGE SALE Northville. Gigantic Country Estate & Barn Sale. Antiques, furniture, bikes, tools, collectibles, depression glass, wicker, appliances, books, toys, large & 13 foot speed boat, farm tools, wicker, wood stove, kitchen furniture, plus loads of garage items, 9am-4pm. May 20, 21, 22. 9 Mile, N. of 8 Mile & Napier, 4980 Napier. Near.

GARAGE SALE - Plymouth. 19 Ann Arbor Tr., 3 Family. Appliances, lawnmower, bikes, furniture, toys, clothes. Thurs, Fri, Sat. 9-5. 44925 Ann Arbor Rd.

GARAGE SALE Plymouth: 559 Byron, behind Burger Chef. May 20-21 9-5.

GARAGE SALE Plymouth. 8 Mile Lake Rd. Thursday & Friday, May 20-21 9am-5pm. Fish Gun, Guns, bikes, TV, trains, baby items.

GARAGE SALE - Plymouth. Thurs. May 20, 9-5. 151 N. Harvey, Cass E. of Sheldon. Furniture, baby items.

GARAGE SALE, Plymouth, 4 family, Thurs & Fri. 9-5. 9000 Beck, between 7 & 8 Mile.

GARAGE SALE-Redford. 17355 Westmoreland, S. of 7 Mile, May 20-21, 9-5. Sofa, chairs, toys, clothes.

GARAGE SALE, Redford Twp., 4 family. Clothes, toys, small appliances. Thursday, Friday, Saturday. 9 to 5.

GARAGE SALE Redford - Thurs-Fri. 9-4. 20265 Dennier. Bikes, clothes, furniture, misc.

GARAGE SALE - Westland, Thurs. & Fri. 9-4. 6612 Bluegrass, Ford & Wayne. Baby items & clothing.

GARAGE SALE Westland. Sat 9am - 5pm. 27 Walnut off Marquette.

GIRL'S SCHWINN bike, 20" with training wheels. $50. 537-1118

HOOVER UPRIGHT VACUUM, all attachments, excellent condition. $50. 464-5321

KITCHEN CABINETS, 6, with doors, dark stain. $150. 538-0222

LAWN BOY MOWER, 21 inch, runs good. $75. 591-5533

ORIGINAL oil paintings & prints. Reasonable. 459-2211

PIANO - Baldwin spinet, excellent condition. $1200. 425-6655

SWIMMING POOL, 21 ft. filter, ladder, cover, like new. Must sell. $300. 728-4441

TYPEWRITER, Smith Corona electric, like new. $125. 261-7711

UTILITY TRAILER, 4 x 8 ft., good condition. $250. 422-1199

712 Wanted To Buy
A GOOD DEAL
SCRAP WANTED
Copper, brass, aluminum, steel, batteries, radiators. Top prices paid. Open 8am-5pm Mon.-Sat.
AMAN METALS CO
29400 Carolyn. Phone 425-2422

BASEBALL CARDS Wanted. Paying top dollar. Call 681-3311

NEEDED: Pool table with accessories. Reasonable. 425-0018

NEWSPAPERS - $20 per ton. 9am-5pm, Mon. thru Sat. 12311 Greenfield, Detroit.

OLD COINS, stamps, silver & gold. Cash paid. 477-3311

WANTED - housewife and party plan. 353-3521

WANTED power sprayer. 30-50 gallon. 474-9099

WANTED Womens golf clubs, bag & cart. 261-7777

YOUTH GOLF clubs. Ladies golf cart. 18933 Norwich, near 7 Mile. 537-1822

O&E
